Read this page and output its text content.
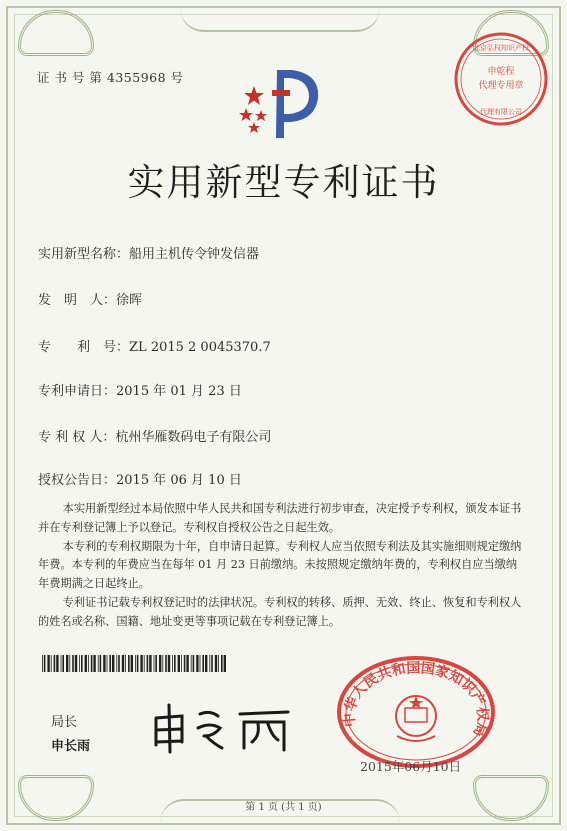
证 书 号 第 4355968 号	申乾程
代理专用章
北京弘权知识产权
代理有限公司
实用新型专利证书
实用新型名称：船用主机传令钟发信器
发　明　人：徐晖
专　　利　号：ZL 2015 2 0045370.7
专利申请日：2015 年 01 月 23 日
专 利 权 人：杭州华雁数码电子有限公司
授权公告日：2015 年 06 月 10 日

本实用新型经过本局依照中华人民共和国专利法进行初步审查，决定授予专利权，颁发本证书并在专利登记簿上予以登记。专利权自授权公告之日起生效。

本专利的专利权期限为十年，自申请日起算。专利权人应当依照专利法及其实施细则规定缴纳年费。本专利的年费应当在每年 01 月 23 日前缴纳。未按照规定缴纳年费的，专利权自应当缴纳年费期满之日起终止。

专利证书记载专利权登记时的法律状况。专利权的转移、质押、无效、终止、恢复和专利权人的姓名或名称、国籍、地址变更等事项记载在专利登记簿上。

局长
申长雨
中华人民共和国国家知识产权局
2015年06月10日
第 1 页 (共 1 页)
